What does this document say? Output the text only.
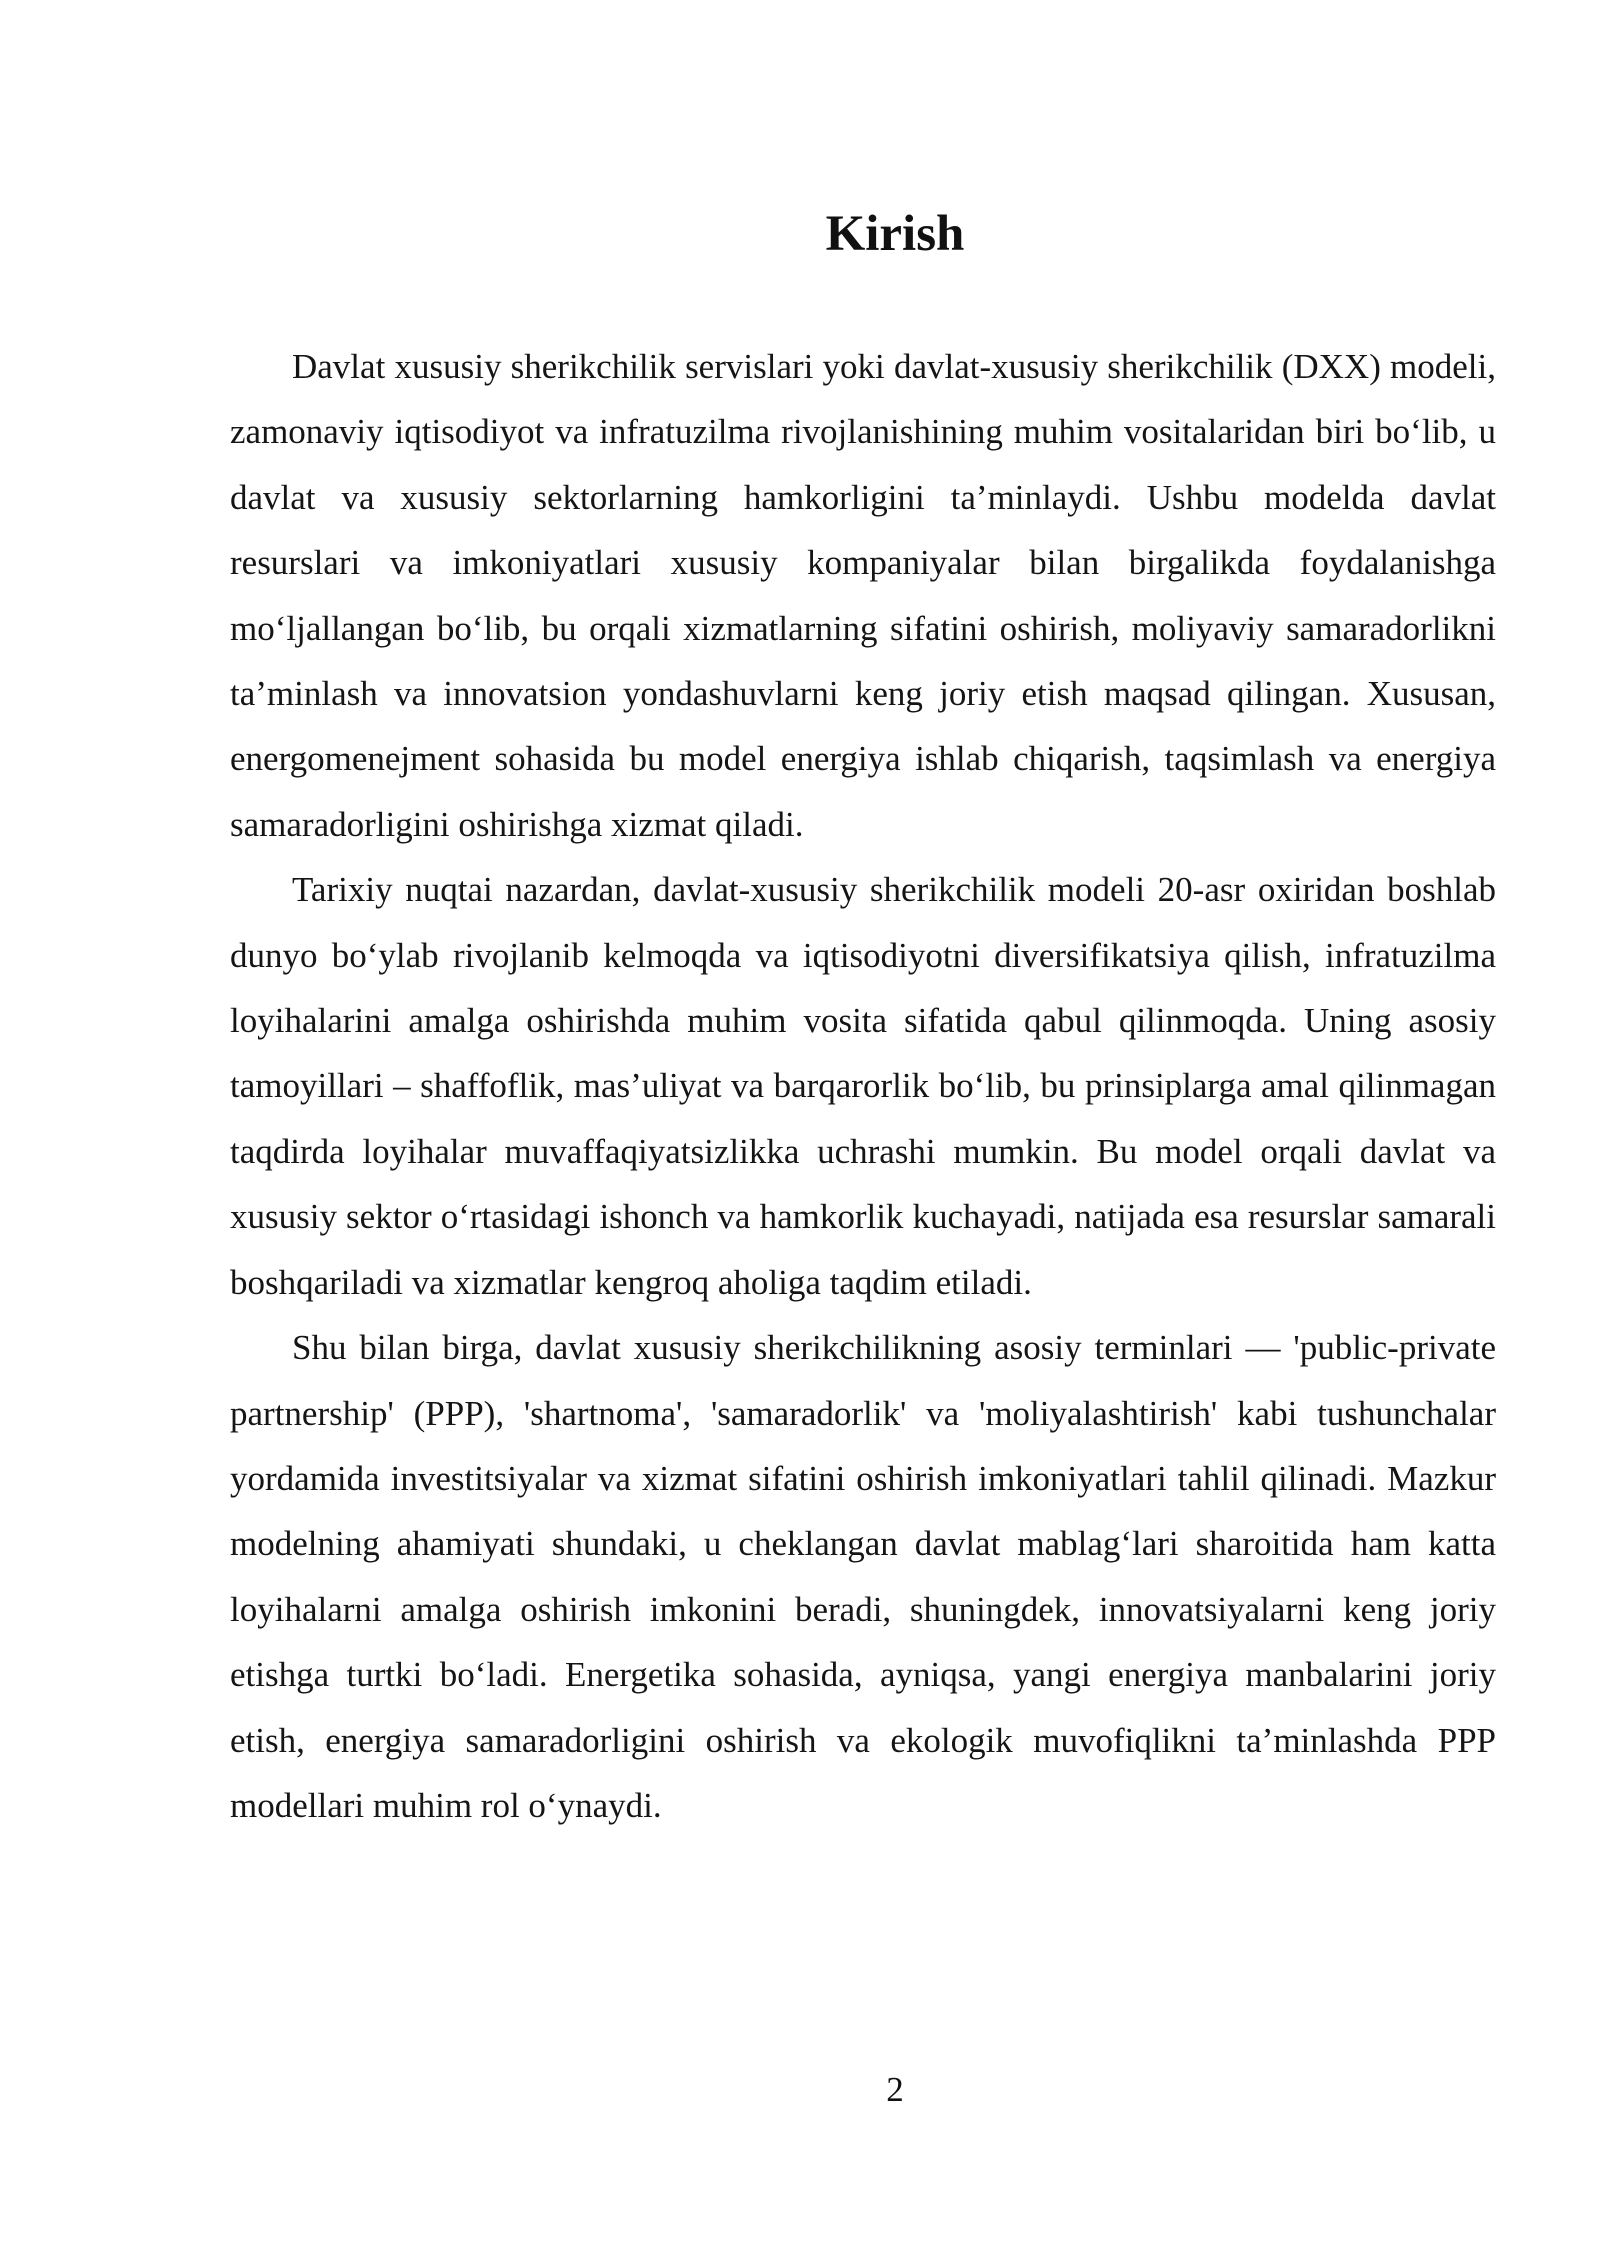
Kirish

Davlat xususiy sherikchilik servislari yoki davlat-xususiy sherikchilik (DXX) modeli, zamonaviy iqtisodiyot va infratuzilma rivojlanishining muhim vositalaridan biri bo‘lib, u davlat va xususiy sektorlarning hamkorligini ta’minlaydi. Ushbu modelda davlat resurslari va imkoniyatlari xususiy kompaniyalar bilan birgalikda foydalanishga mo‘ljallangan bo‘lib, bu orqali xizmatlarning sifatini oshirish, moliyaviy samaradorlikni ta’minlash va innovatsion yondashuvlarni keng joriy etish maqsad qilingan. Xususan, energomenejment sohasida bu model energiya ishlab chiqarish, taqsimlash va energiya samaradorligini oshirishga xizmat qiladi.

Tarixiy nuqtai nazardan, davlat-xususiy sherikchilik modeli 20-asr oxiridan boshlab dunyo bo‘ylab rivojlanib kelmoqda va iqtisodiyotni diversifikatsiya qilish, infratuzilma loyihalarini amalga oshirishda muhim vosita sifatida qabul qilinmoqda. Uning asosiy tamoyillari – shaffoflik, mas’uliyat va barqarorlik bo‘lib, bu prinsiplarga amal qilinmagan taqdirda loyihalar muvaffaqiyatsizlikka uchrashi mumkin. Bu model orqali davlat va xususiy sektor o‘rtasidagi ishonch va hamkorlik kuchayadi, natijada esa resurslar samarali boshqariladi va xizmatlar kengroq aholiga taqdim etiladi.

Shu bilan birga, davlat xususiy sherikchilikning asosiy terminlari — 'public-private partnership' (PPP), 'shartnoma', 'samaradorlik' va 'moliyalashtirish' kabi tushunchalar yordamida investitsiyalar va xizmat sifatini oshirish imkoniyatlari tahlil qilinadi. Mazkur modelning ahamiyati shundaki, u cheklangan davlat mablag‘lari sharoitida ham katta loyihalarni amalga oshirish imkonini beradi, shuningdek, innovatsiyalarni keng joriy etishga turtki bo‘ladi. Energetika sohasida, ayniqsa, yangi energiya manbalarini joriy etish, energiya samaradorligini oshirish va ekologik muvofiqlikni ta’minlashda PPP modellari muhim rol o‘ynaydi.

2
